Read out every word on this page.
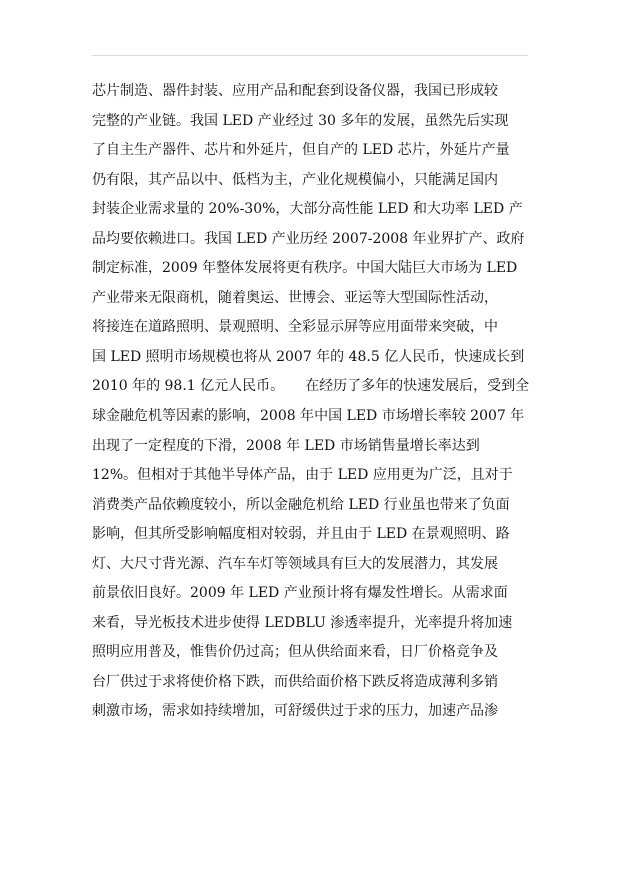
芯片制造、器件封装、应用产品和配套到设备仪器，我国已形成较
完整的产业链。我国 LED 产业经过 30 多年的发展，虽然先后实现
了自主生产器件、芯片和外延片，但自产的 LED 芯片，外延片产量
仍有限，其产品以中、低档为主，产业化规模偏小，只能满足国内
封装企业需求量的 20%-30%，大部分高性能 LED 和大功率 LED 产
品均要依赖进口。我国 LED 产业历经 2007-2008 年业界扩产、政府
制定标准，2009 年整体发展将更有秩序。中国大陆巨大市场为 LED
产业带来无限商机，随着奥运、世博会、亚运等大型国际性活动，
将接连在道路照明、景观照明、全彩显示屏等应用面带来突破，中
国 LED 照明市场规模也将从 2007 年的 48.5 亿人民币，快速成长到
2010 年的 98.1 亿元人民币。　　在经历了多年的快速发展后，受到全
球金融危机等因素的影响，2008 年中国 LED 市场增长率较 2007 年
出现了一定程度的下滑，2008 年 LED 市场销售量增长率达到
12%。但相对于其他半导体产品，由于 LED 应用更为广泛，且对于
消费类产品依赖度较小，所以金融危机给 LED 行业虽也带来了负面
影响，但其所受影响幅度相对较弱，并且由于 LED 在景观照明、路
灯、大尺寸背光源、汽车车灯等领域具有巨大的发展潜力，其发展
前景依旧良好。2009 年 LED 产业预计将有爆发性增长。从需求面
来看，导光板技术进步使得 LEDBLU 渗透率提升，光率提升将加速
照明应用普及，惟售价仍过高；但从供给面来看，日厂价格竞争及
台厂供过于求将使价格下跌，而供给面价格下跌反将造成薄利多销
刺激市场，需求如持续增加，可舒缓供过于求的压力，加速产品渗
